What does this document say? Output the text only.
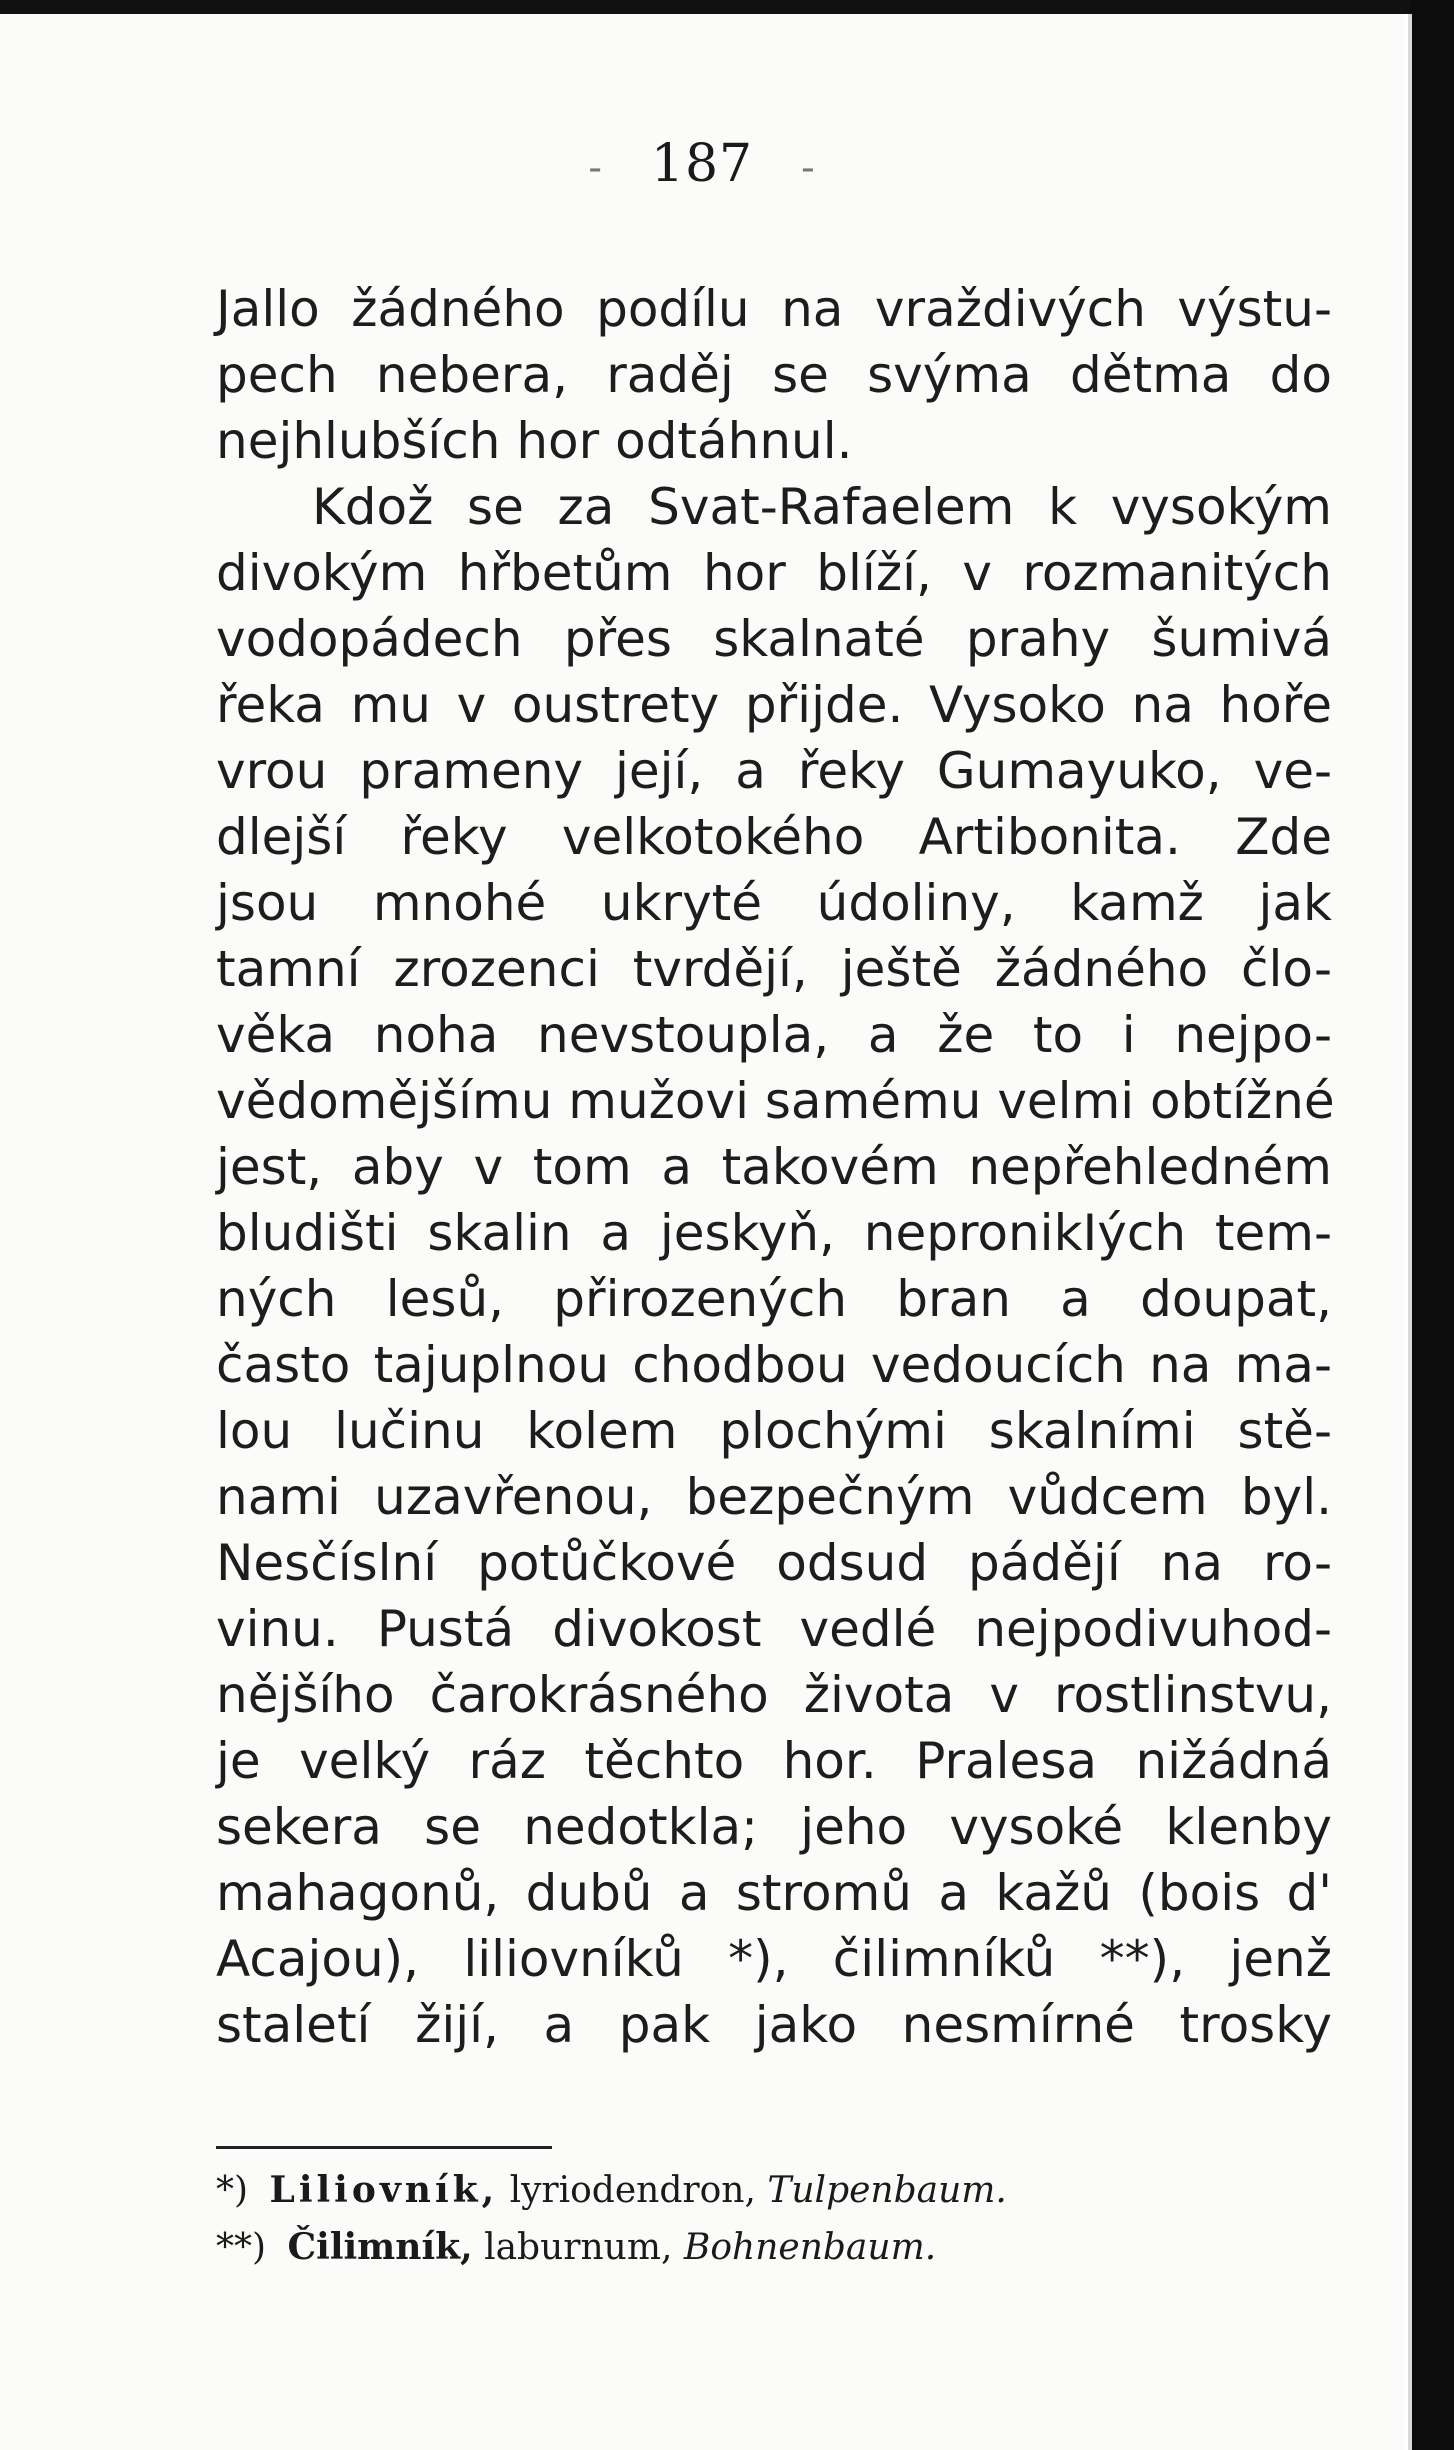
- 187 -
Jallo žádného podílu na vraždivých výstu-
pech nebera, raděj se svýma dětma do
nejhlubších hor odtáhnul.
Kdož se za Svat-Rafaelem k vysokým
divokým hřbetům hor blíží, v rozmanitých
vodopádech přes skalnaté prahy šumivá
řeka mu v oustrety přijde. Vysoko na hoře
vrou prameny její, a řeky Gumayuko, ve-
dlejší řeky velkotokého Artibonita. Zde
jsou mnohé ukryté údoliny, kamž jak
tamní zrozenci tvrdějí, ještě žádného člo-
věka noha nevstoupla, a že to i nejpo-
vědomějšímu mužovi samému velmi obtížné
jest, aby v tom a takovém nepřehledném
bludišti skalin a jeskyň, nepronikIých tem-
ných lesů, přirozených bran a doupat,
často tajuplnou chodbou vedoucích na ma-
lou lučinu kolem plochými skalními stě-
nami uzavřenou, bezpečným vůdcem byl.
Nesčíslní potůčkové odsud pádějí na ro-
vinu. Pustá divokost vedlé nejpodivuhod-
nějšího čarokrásného života v rostlinstvu,
je velký ráz těchto hor. Pralesa nižádná
sekera se nedotkla; jeho vysoké klenby
mahagonů, dubů a stromů a kažů (bois d'
Acajou), liliovníků *), čilimníků **), jenž
staletí žijí, a pak jako nesmírné trosky
*) Liliovník, lyriodendron, Tulpenbaum.
**) Čilimník, laburnum, Bohnenbaum.
